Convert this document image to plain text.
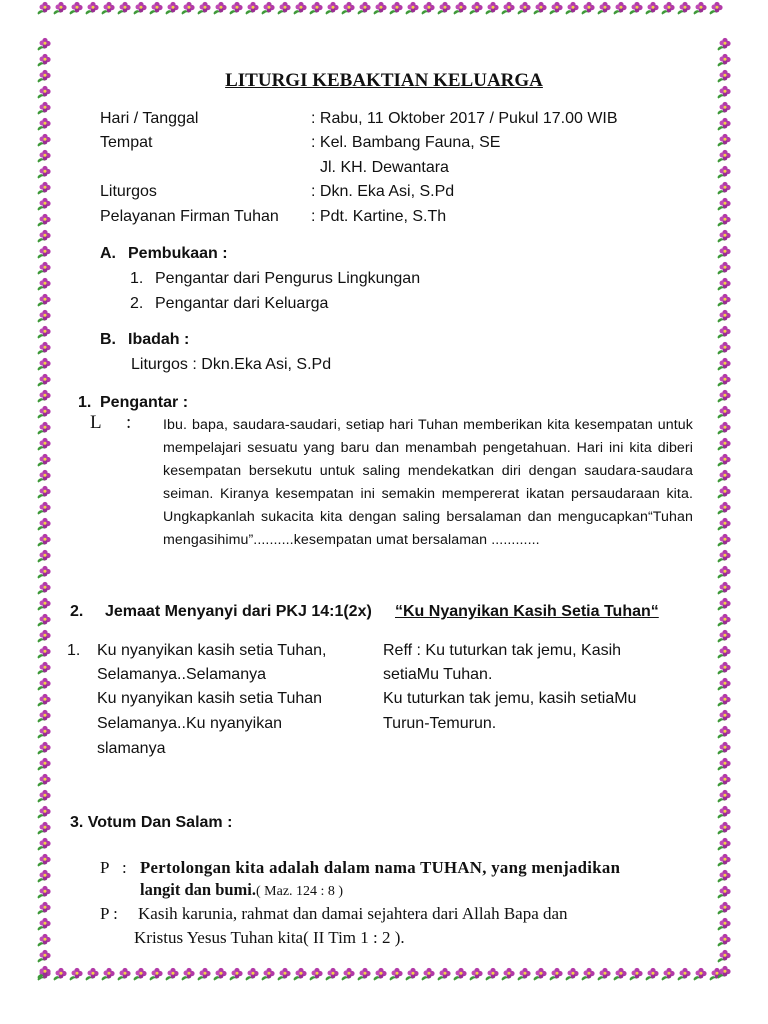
LITURGI KEBAKTIAN KELUARGA
Hari / Tanggal	: Rabu, 11 Oktober 2017 / Pukul 17.00 WIB
Tempat	: Kel. Bambang Fauna, SE
Jl. KH. Dewantara
Liturgos	: Dkn. Eka Asi, S.Pd
Pelayanan Firman Tuhan : Pdt. Kartine, S.Th
A. Pembukaan :
1. Pengantar dari Pengurus Lingkungan
2. Pengantar dari Keluarga
B. Ibadah :
Liturgos : Dkn.Eka Asi, S.Pd
1. Pengantar :
L : Ibu. bapa, saudara-saudari, setiap hari Tuhan memberikan kita kesempatan untuk mempelajari sesuatu yang baru dan menambah pengetahuan. Hari ini kita diberi kesempatan bersekutu untuk saling mendekatkan diri dengan saudara-saudara seiman. Kiranya kesempatan ini semakin mempererat ikatan persaudaraan kita. Ungkapkanlah sukacita kita dengan saling bersalaman dan mengucapkan“Tuhan mengasihimu”..........kesempatan umat bersalaman ............
2. Jemaat Menyanyi dari PKJ 14:1(2x) “Ku Nyanyikan Kasih Setia Tuhan“
1. Ku nyanyikan kasih setia Tuhan,
Selamanya..Selamanya
Ku nyanyikan kasih setia Tuhan
Selamanya..Ku nyanyikan
slamanya
Reff : Ku tuturkan tak jemu, Kasih
setiaMu Tuhan.
Ku tuturkan tak jemu, kasih setiaMu
Turun-Temurun.
3. Votum Dan Salam :
P : Pertolongan kita adalah dalam nama TUHAN, yang menjadikan
langit dan bumi.( Maz. 124 : 8 )
P : Kasih karunia, rahmat dan damai sejahtera dari Allah Bapa dan
Kristus Yesus Tuhan kita( II Tim 1 : 2 ).
